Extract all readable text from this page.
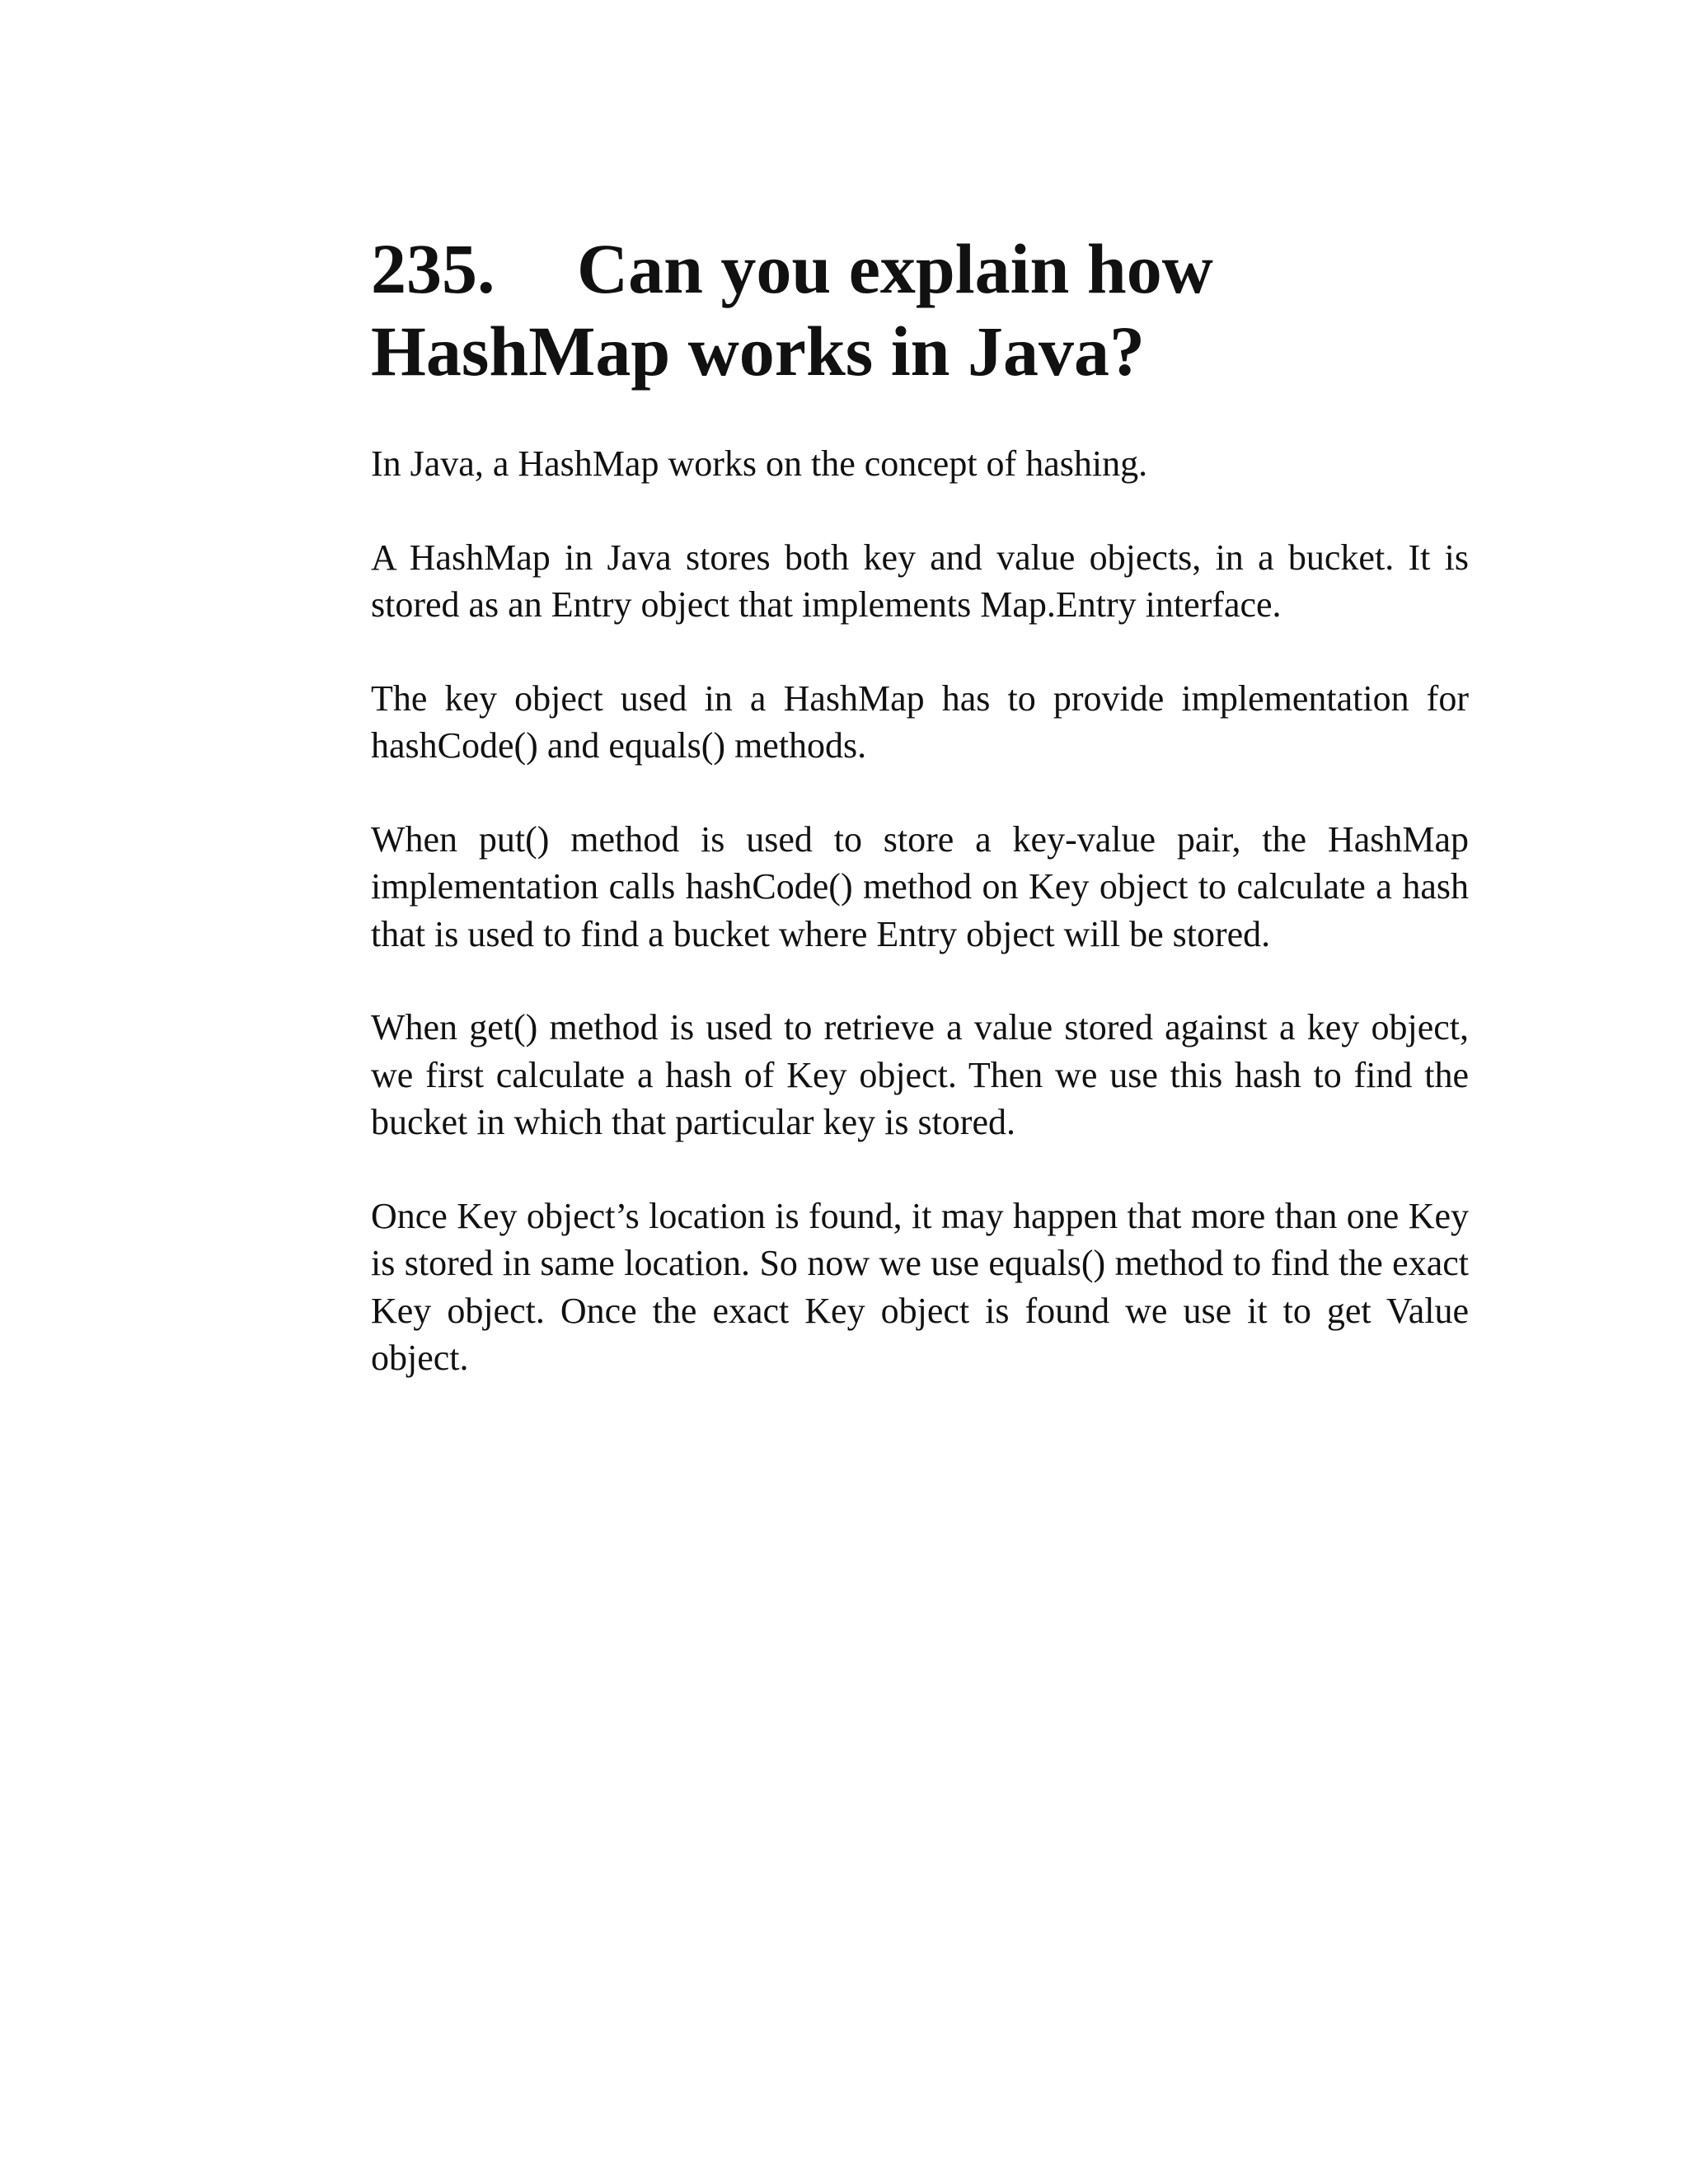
235. Can you explain how
HashMap works in Java?

In Java, a HashMap works on the concept of hashing.

A HashMap in Java stores both key and value objects, in a bucket. It is stored as an Entry object that implements Map.Entry interface.

The key object used in a HashMap has to provide implementation for hashCode() and equals() methods.

When put() method is used to store a key-value pair, the HashMap implementation calls hashCode() method on Key object to calculate a hash that is used to find a bucket where Entry object will be stored.

When get() method is used to retrieve a value stored against a key object, we first calculate a hash of Key object. Then we use this hash to find the bucket in which that particular key is stored.

Once Key object’s location is found, it may happen that more than one Key is stored in same location. So now we use equals() method to find the exact Key object. Once the exact Key object is found we use it to get Value object.
